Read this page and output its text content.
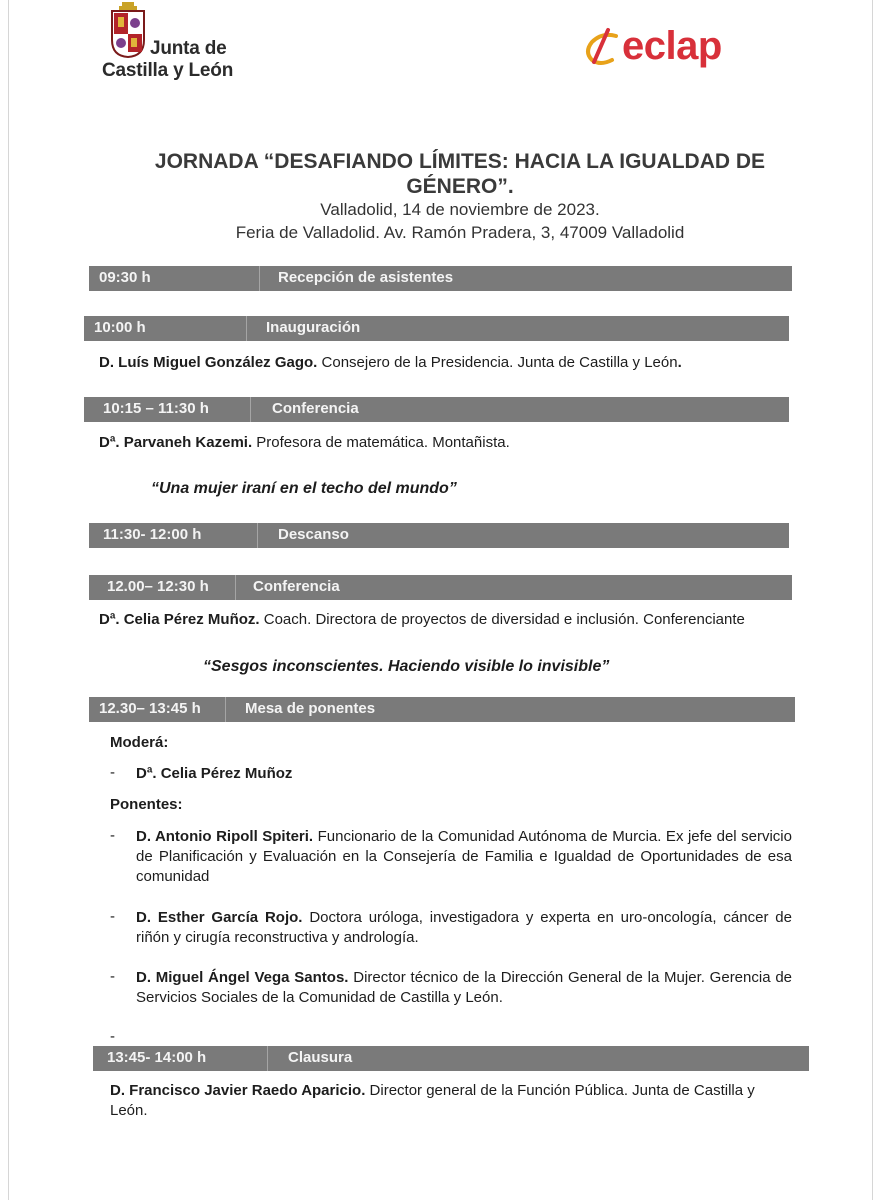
Junta de
Castilla y León
eclap
JORNADA “DESAFIANDO LÍMITES: HACIA LA IGUALDAD DE
GÉNERO”.
Valladolid, 14 de noviembre de 2023.
Feria de Valladolid. Av. Ramón Pradera, 3, 47009 Valladolid
09:30 h	Recepción de asistentes
10:00 h	Inauguración
D. Luís Miguel González Gago. Consejero de la Presidencia. Junta de Castilla y León.
10:15 – 11:30 h	Conferencia
Dª. Parvaneh Kazemi. Profesora de matemática. Montañista.
“Una mujer iraní en el techo del mundo”
11:30- 12:00 h	Descanso
12.00– 12:30 h	Conferencia
Dª. Celia Pérez Muñoz. Coach. Directora de proyectos de diversidad e inclusión. Conferenciante
“Sesgos inconscientes. Haciendo visible lo invisible”
12.30– 13:45 h	Mesa de ponentes
Moderá:
- Dª. Celia Pérez Muñoz
Ponentes:
- D. Antonio Ripoll Spiteri. Funcionario de la Comunidad Autónoma de Murcia. Ex jefe del servicio de Planificación y Evaluación en la Consejería de Familia e Igualdad de Oportunidades de esa comunidad
- D. Esther García Rojo. Doctora uróloga, investigadora y experta en uro-oncología, cáncer de riñón y cirugía reconstructiva y andrología.
- D. Miguel Ángel Vega Santos. Director técnico de la Dirección General de la Mujer. Gerencia de Servicios Sociales de la Comunidad de Castilla y León.
-
13:45- 14:00 h	Clausura
D. Francisco Javier Raedo Aparicio. Director general de la Función Pública. Junta de Castilla y León.
